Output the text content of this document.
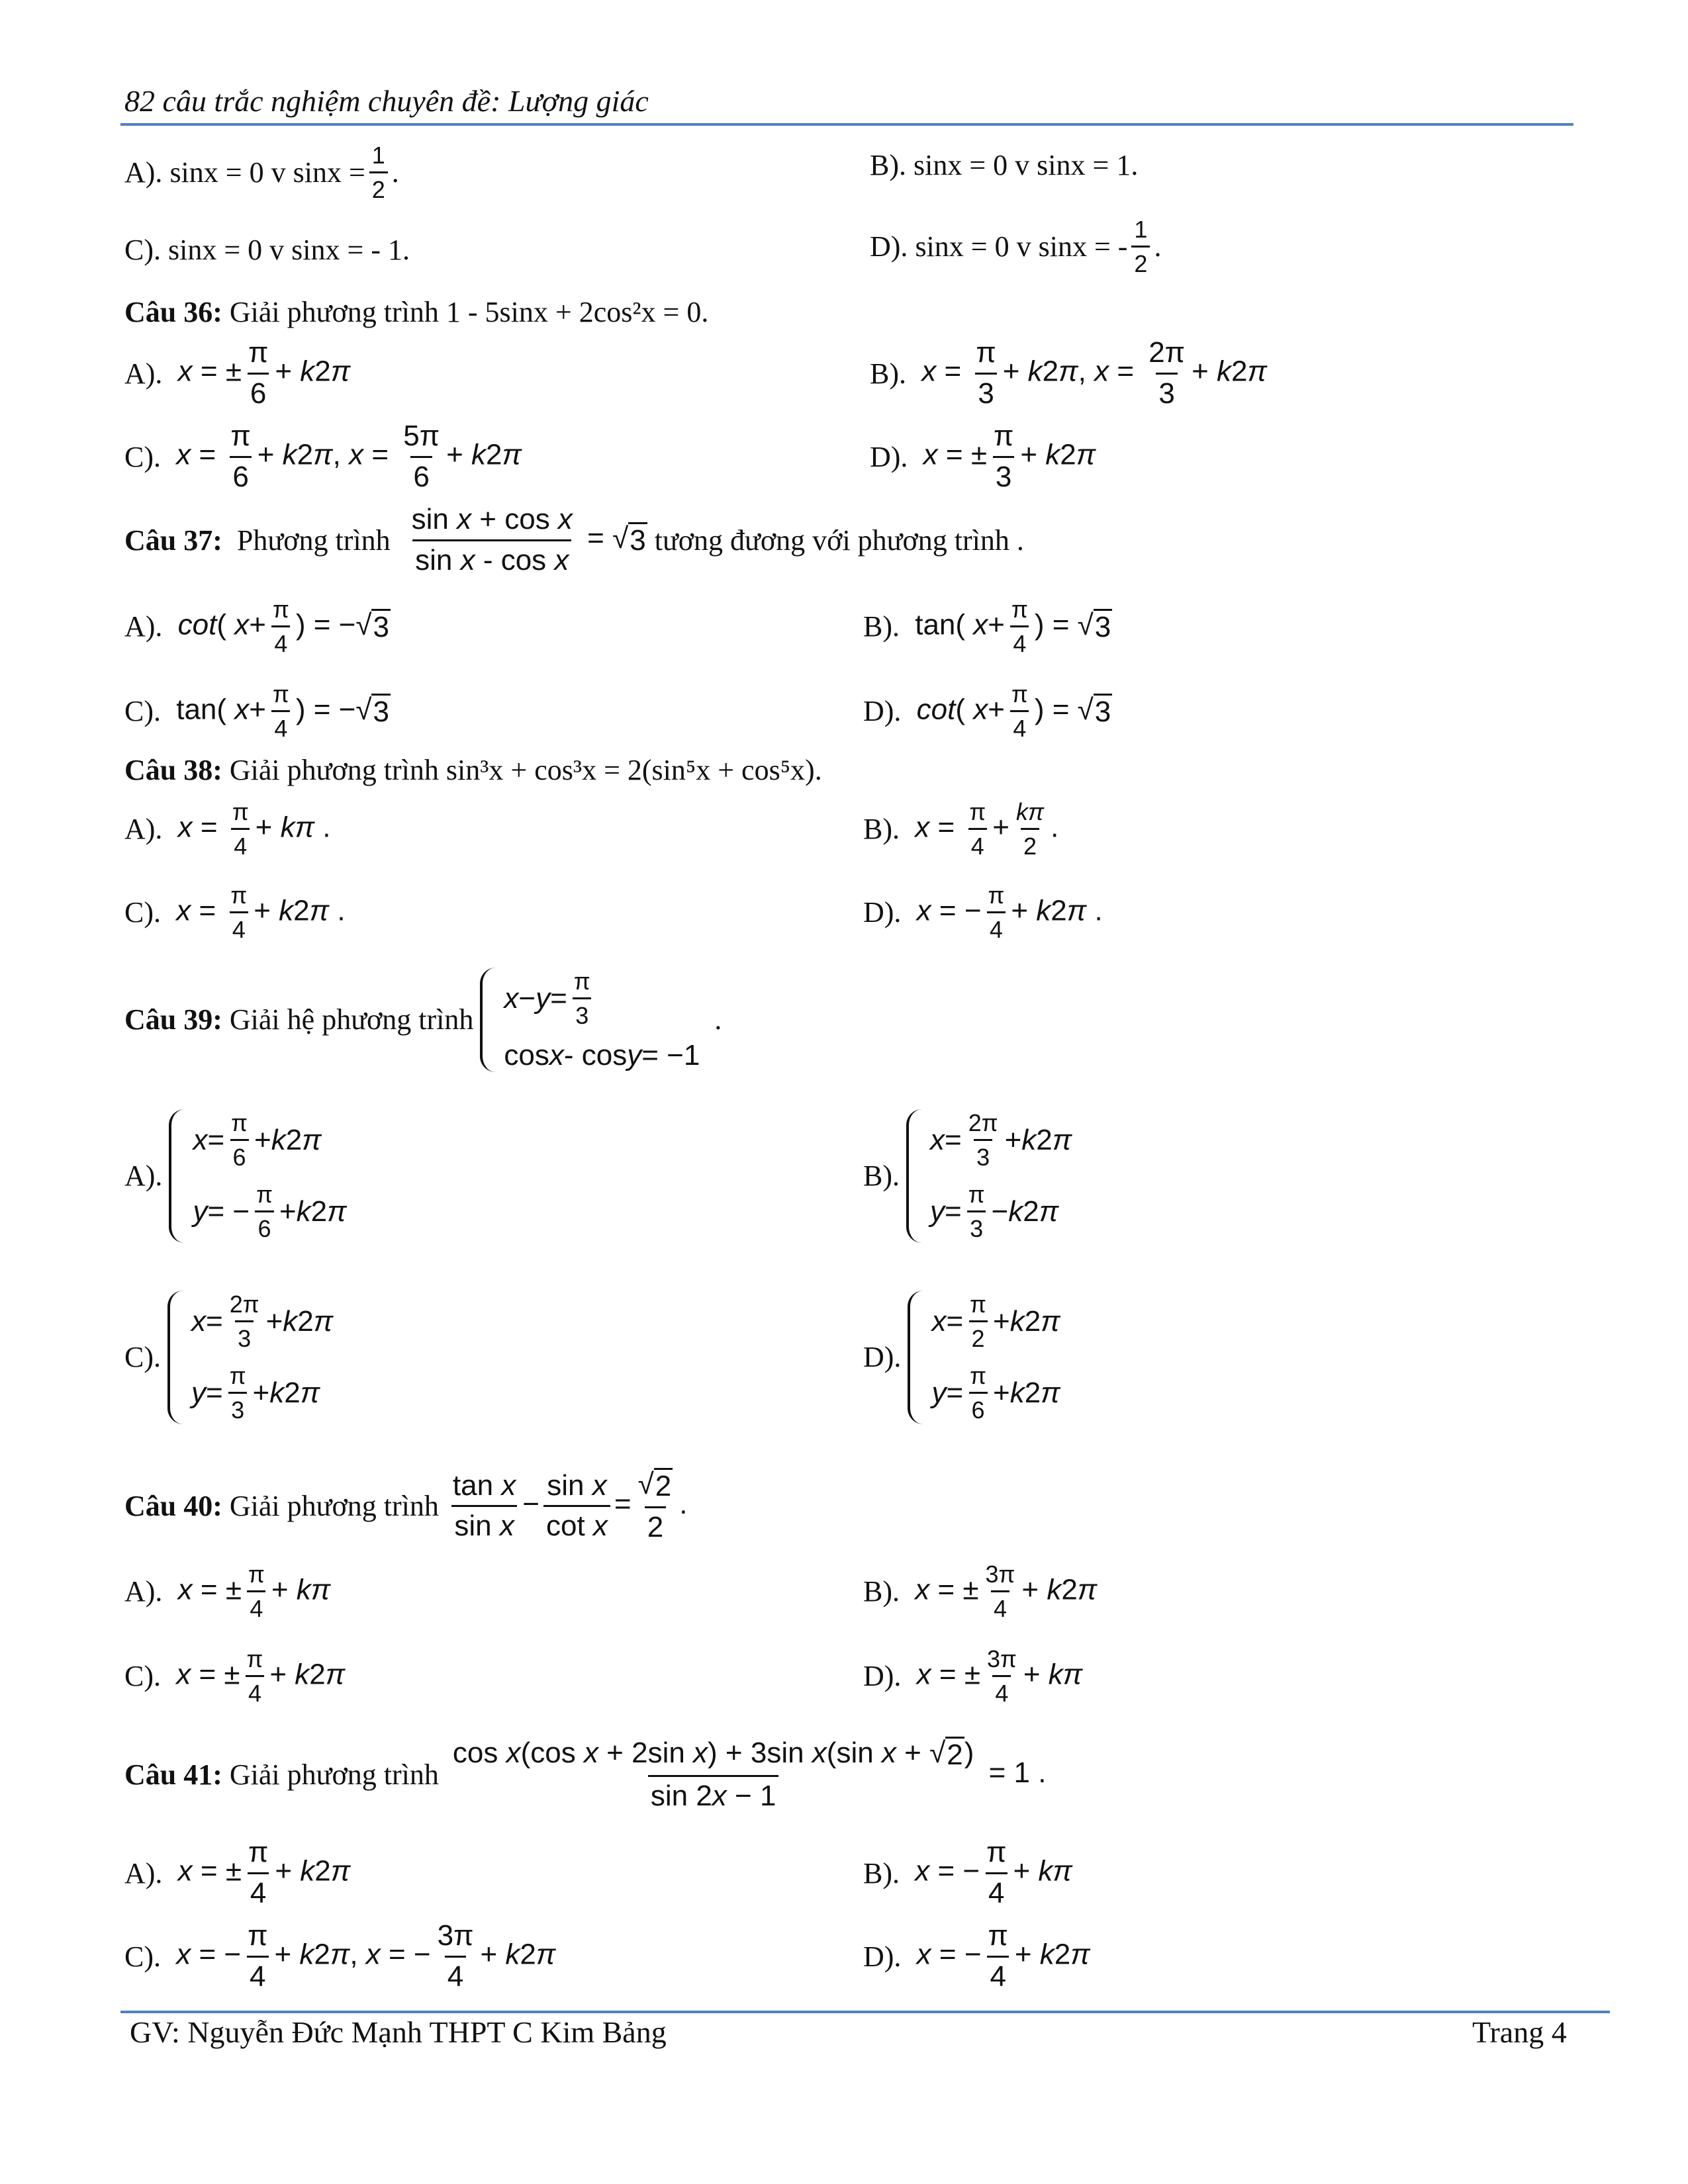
82 câu trắc nghiệm chuyên đề: Lượng giác
A).
sinx = 0 v $\sin x = \frac{1}{2}$ .	B).
sinx = 0 v sinx = 1.
C).
sinx = 0 v sinx = - 1.	D).
sinx = 0 v sinx = -
1
2
.
Câu 36:
Giải phương trình 1 - 5sinx + 2cos²x = 0.
A).
x = ± $\frac{\pi}{6} + k2\pi$	B).
$x = \frac{\pi}{3} + k2\pi$, $x = \frac{2\pi}{3} + k2\pi$
C).
$x = \frac{\pi}{6} + k2\pi$, $x = \frac{5\pi}{6} + k2\pi$	D).
x = ± $\frac{\pi}{3} + k2\pi$
Câu 37:
Phương trình
$\frac{\text{sin x + cos x}}{\text{sin x - cos x}}$ = √ 3
tương đương với phương trình .
A).
cot( $x+ \frac{\pi}{4}$ ) = −√ 3	B).
tan( $x+ \frac{\pi}{4}$ ) = √ 3
C).
tan( $x+ \frac{\pi}{4}$ ) = −√ 3	D).
cot( $x+ \frac{\pi}{4}$ ) = √ 3
Câu 38:
Giải phương trình sin³x + cos³x = 2(sin⁵x + cos⁵x).
A).
$x = \frac{\pi}{4} + k\pi$ .	B).
$x = \frac{\pi}{4} + \frac{k\pi}{2}$ .
C).
$x = \frac{\pi}{4} + k2\pi$ .	D).
x = − $\frac{\pi}{4} + k2\pi$ .
Câu 39:
Giải hệ phương trình
x − y =
π
3
cos x - cos y = −1
.
A).
x =
π
6
+ k 2 π
y = −
π
6
+ k 2 π
B).
x =
2π
3
+ k 2 π
y =
π
3
− k 2 π
C).
x =
2π
3
+ k 2 π
y =
π
3
+ k 2 π
D).
x =
π
2
+ k 2 π
y =
π
6
+ k 2 π
Câu 40:
Giải phương trình
$\frac{\text{tan x}}{\text{sin x}} - \frac{\text{sin x}}{\text{cot x}} = \frac{√ 2}{2}$ .
A).
x = ± $\frac{\pi}{4} + k\pi$	B).
x = ± $\frac{3\pi}{4} + k2\pi$
C).
x = ± $\frac{\pi}{4} + k2\pi$	D).
x = ± $\frac{3\pi}{4} + k\pi$
Câu 41:
Giải phương trình
$\frac{\text{cos x(cos x + 2sin x) + 3sin x(sin x + √ 2 )}}{\sin 2x - 1} = 1$ .
A).
x = ± $\frac{\pi}{4} + k2\pi$	B).
x = − $\frac{\pi}{4} + k\pi$
C).
x = − $\frac{\pi}{4} + k2\pi$, x = − $\frac{3\pi}{4} + k2\pi$	D).
x = − $\frac{\pi}{4} + k2\pi$
GV: Nguyễn Đức Mạnh THPT C Kim Bảng	Trang 4
